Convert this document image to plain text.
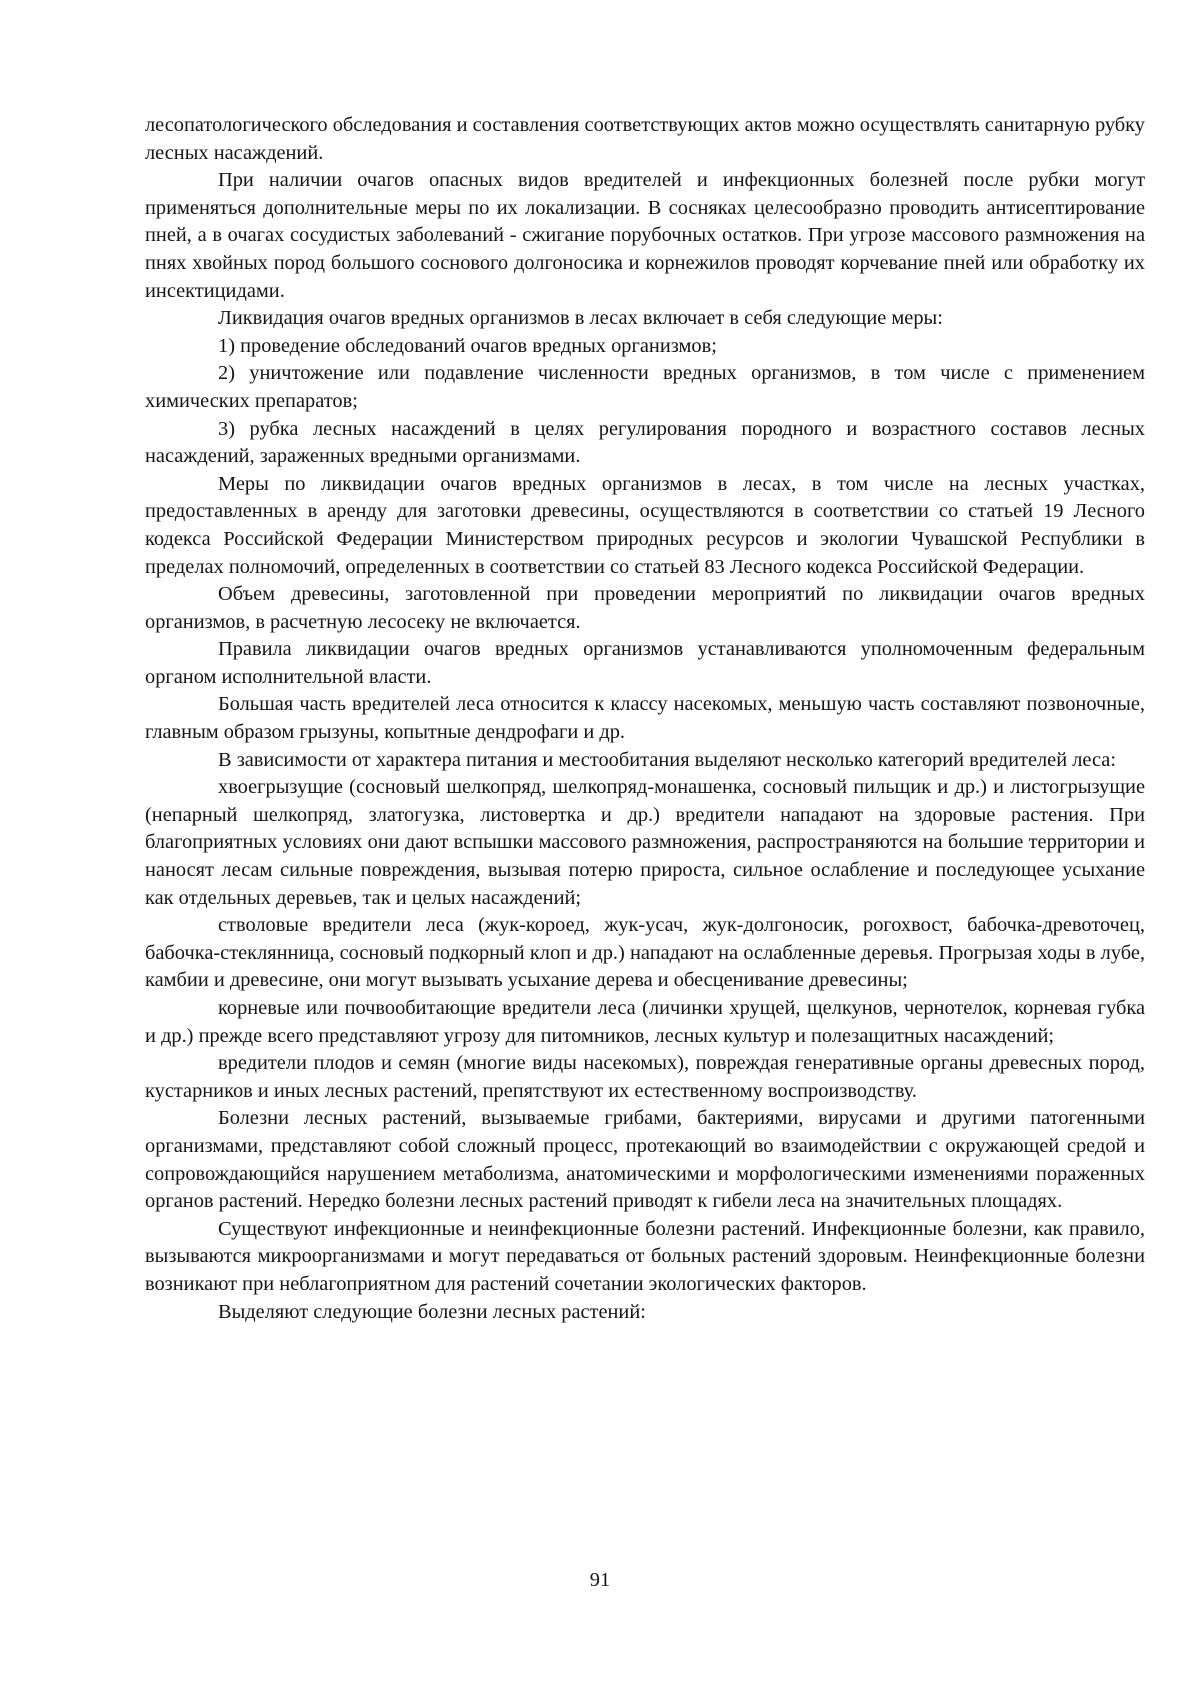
лесопатологического обследования и составления соответствующих актов можно осуществлять санитарную рубку лесных насаждений.

При наличии очагов опасных видов вредителей и инфекционных болезней после рубки могут применяться дополнительные меры по их локализации. В сосняках целесообразно проводить антисептирование пней, а в очагах сосудистых заболеваний - сжигание порубочных остатков. При угрозе массового размножения на пнях хвойных пород большого соснового долгоносика и корнежилов проводят корчевание пней или обработку их инсектицидами.

Ликвидация очагов вредных организмов в лесах включает в себя следующие меры:

1) проведение обследований очагов вредных организмов;

2) уничтожение или подавление численности вредных организмов, в том числе с применением химических препаратов;

3) рубка лесных насаждений в целях регулирования породного и возрастного составов лесных насаждений, зараженных вредными организмами.

Меры по ликвидации очагов вредных организмов в лесах, в том числе на лесных участках, предоставленных в аренду для заготовки древесины, осуществляются в соответствии со статьей 19 Лесного кодекса Российской Федерации Министерством природных ресурсов и экологии Чувашской Республики в пределах полномочий, определенных в соответствии со статьей 83 Лесного кодекса Российской Федерации.

Объем древесины, заготовленной при проведении мероприятий по ликвидации очагов вредных организмов, в расчетную лесосеку не включается.

Правила ликвидации очагов вредных организмов устанавливаются уполномоченным федеральным органом исполнительной власти.

Большая часть вредителей леса относится к классу насекомых, меньшую часть составляют позвоночные, главным образом грызуны, копытные дендрофаги и др.

В зависимости от характера питания и местообитания выделяют несколько категорий вредителей леса:

хвоегрызущие (сосновый шелкопряд, шелкопряд-монашенка, сосновый пильщик и др.) и листогрызущие (непарный шелкопряд, златогузка, листовертка и др.) вредители нападают на здоровые растения. При благоприятных условиях они дают вспышки массового размножения, распространяются на большие территории и наносят лесам сильные повреждения, вызывая потерю прироста, сильное ослабление и последующее усыхание как отдельных деревьев, так и целых насаждений;

стволовые вредители леса (жук-короед, жук-усач, жук-долгоносик, рогохвост, бабочка-древоточец, бабочка-стеклянница, сосновый подкорный клоп и др.) нападают на ослабленные деревья. Прогрызая ходы в лубе, камбии и древесине, они могут вызывать усыхание дерева и обесценивание древесины;

корневые или почвообитающие вредители леса (личинки хрущей, щелкунов, чернотелок, корневая губка и др.) прежде всего представляют угрозу для питомников, лесных культур и полезащитных насаждений;

вредители плодов и семян (многие виды насекомых), повреждая генеративные органы древесных пород, кустарников и иных лесных растений, препятствуют их естественному воспроизводству.

Болезни лесных растений, вызываемые грибами, бактериями, вирусами и другими патогенными организмами, представляют собой сложный процесс, протекающий во взаимодействии с окружающей средой и сопровождающийся нарушением метаболизма, анатомическими и морфологическими изменениями пораженных органов растений. Нередко болезни лесных растений приводят к гибели леса на значительных площадях.

Существуют инфекционные и неинфекционные болезни растений. Инфекционные болезни, как правило, вызываются микроорганизмами и могут передаваться от больных растений здоровым. Неинфекционные болезни возникают при неблагоприятном для растений сочетании экологических факторов.

Выделяют следующие болезни лесных растений:

91
